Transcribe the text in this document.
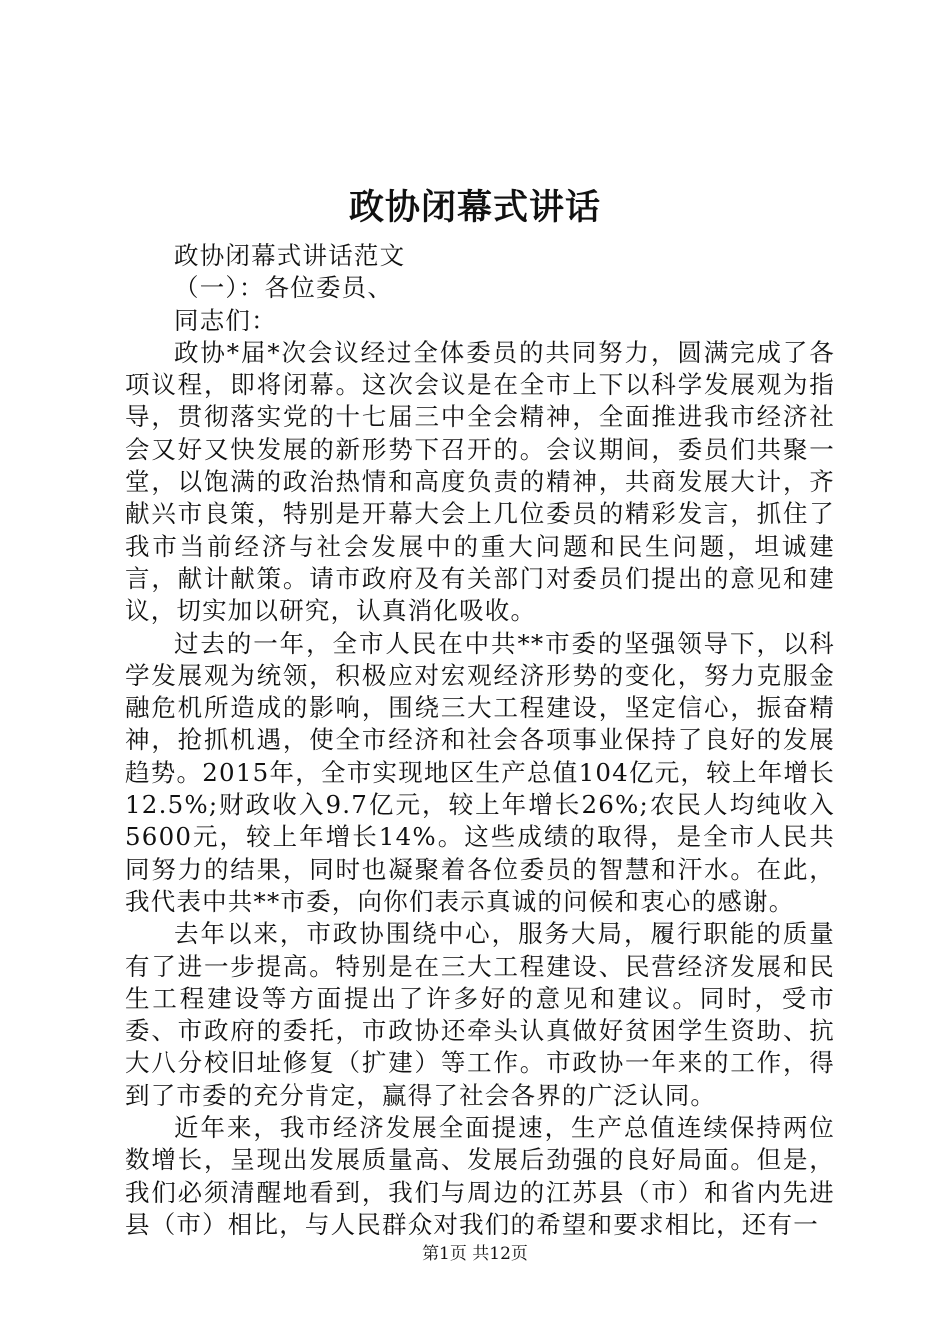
政协闭幕式讲话

政协闭幕式讲话范文

（一）：各位委员、

同志们：

政协*届*次会议经过全体委员的共同努力，圆满完成了各项议程，即将闭幕。这次会议是在全市上下以科学发展观为指导，贯彻落实党的十七届三中全会精神，全面推进我市经济社会又好又快发展的新形势下召开的。会议期间，委员们共聚一堂，以饱满的政治热情和高度负责的精神，共商发展大计，齐献兴市良策，特别是开幕大会上几位委员的精彩发言，抓住了我市当前经济与社会发展中的重大问题和民生问题，坦诚建言，献计献策。请市政府及有关部门对委员们提出的意见和建议，切实加以研究，认真消化吸收。

过去的一年，全市人民在中共**市委的坚强领导下，以科学发展观为统领，积极应对宏观经济形势的变化，努力克服金融危机所造成的影响，围绕三大工程建设，坚定信心，振奋精神，抢抓机遇，使全市经济和社会各项事业保持了良好的发展趋势。2015年，全市实现地区生产总值104亿元，较上年增长12.5%;财政收入9.7亿元，较上年增长26%;农民人均纯收入5600元，较上年增长14%。这些成绩的取得，是全市人民共同努力的结果，同时也凝聚着各位委员的智慧和汗水。在此，我代表中共**市委，向你们表示真诚的问候和衷心的感谢。

去年以来，市政协围绕中心，服务大局，履行职能的质量有了进一步提高。特别是在三大工程建设、民营经济发展和民生工程建设等方面提出了许多好的意见和建议。同时，受市委、市政府的委托，市政协还牵头认真做好贫困学生资助、抗大八分校旧址修复（扩建）等工作。市政协一年来的工作，得到了市委的充分肯定，赢得了社会各界的广泛认同。

近年来，我市经济发展全面提速，生产总值连续保持两位数增长，呈现出发展质量高、发展后劲强的良好局面。但是，我们必须清醒地看到，我们与周边的江苏县（市）和省内先进县（市）相比，与人民群众对我们的希望和要求相比，还有一

第1页 共12页
